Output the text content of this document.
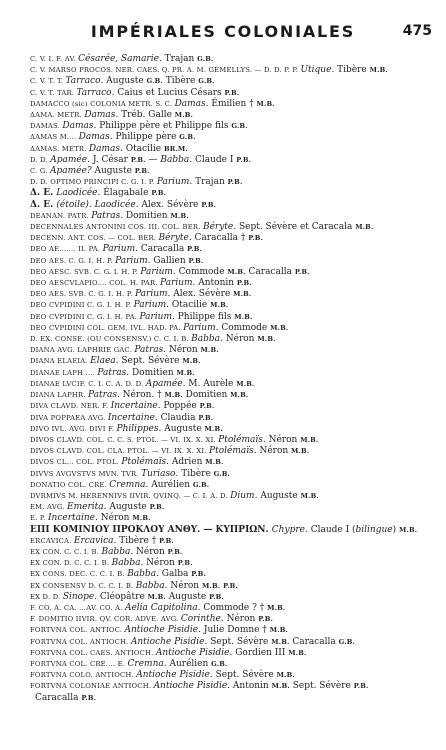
IMPÉRIALES COLONIALES	475
C. V. I. F. AV. Césarée, Samarie. Trajan G.B.
C. V. MARSO PROCOS. NER. CAES. Q. PR. A. M. GEMELLYS. — D. D. P. P. Utique. Tibère M.B.
C. V. T. T. Tarraco. Auguste G.B. Tibère G.B.
C. V. T. TAR. Tarraco. Caius et Lucius Césars P.B.
DAMACCO (sic) COLONIA METR. S. C. Damas. Émilien † M.B.
ΔAMA. METR. Damas. Tréb. Galle M.B.
DAMAS. Damas. Philippe père et Philippe fils G.B.
ΔAMAS M.... Damas. Philippe père G.B.
ΔAMAS. METR. Damas. Otacilie BR.M.
D. D. Apamée. J. César P.B. — Babba. Claude I P.B.
C. G. Apamée? Auguste P.B.
D. D. OPTIMO PRINCIPI C. G. I. P. Parium. Trajan P.B.
Δ. E. Laodicée. Élagabale P.B.
Δ. E. (étoile). Laodicée. Alex. Sévère P.B.
DEANAN. PATR. Patras. Domitien M.B.
DECENNALES ANTONINI COS. III. COL. BER. Béryte. Sept. Sévère et Caracala M.B.
DECENN. ANT. COS. — COL. BER. Béryte. Caracalla † P.B.
DEO AE....... II. PA. Parium. Caracalla P.B.
DEO AES. C. G. I. H. P. Parium. Gallien P.B.
DEO AESC. SVB. C. G. I. H. P. Parium. Commode M.B. Caracalla P.B.
DEO AESCVLAPIO.... COL. H. PAR. Parium. Antonin P.B.
DEO AES. SVB. C. G. I. H. P. Parium. Alex. Sévère M.B.
DEO CVPIDINI C. G. I. H. P. Parium. Otacilie M.B.
DEO CVPIDINI C. G. I. H. PA. Parium. Philippe fils M.B.
DEO CVPIDINI COL. GEM. IVL. HAD. PA. Parium. Commode M.B.
D. EX. CONSE. (OU CONSENSV.) C. C. I. B. Babba. Néron M.B.
DIANA AVG. LAPHRIE GAC. Patras. Néron M.B.
DIANA ELAEIA. Elaea. Sept. Sévère M.B.
DIANAE LAPH..... Patras. Domitien M.B.
DIANAE LVCIF. C. I. C. A. D. D. Apamée. M. Aurèle M.B.
DIANA LAPHR. Patras. Néron. † M.B. Domitien M.B.
DIVA CLAVD. NER. F. Incertaine. Poppée P.B.
DIVA POPPAEA AVG. Incertaine. Claudia P.B.
DIVO IVL. AVG. DIVI F. Philippes. Auguste M.B.
DIVOS CLAVD. COL. C. C. S. PTOL. — VI. IX. X. XI. Ptolémaïs. Néron M.B.
DIVOS CLAVD. COL. CLA. PTOL. — VI. IX. X. XI. Ptolémaïs. Néron M.B.
DIVOS CL... COL. PTOL. Ptolémaïs. Adrien M.B.
DIVVS AVGVSTVS MVN. TVR. Turiaso. Tibère G.B.
DONATIO COL. CRE. Cremna. Aurélien G.B.
DVRMIVS M. HERENNIVS IIVIR. QVINQ. — C. I. A. D. Dium. Auguste M.B.
EM. AVG. Emerita. Auguste P.B.
E. P. Incertaine. Néron M.B.
ΕΠΙ ΚΟΜΙΝΙΟΥ ΠΡΟΚΛΟΥ ΑΝΘΥ. — ΚΥΠΡΙΩΝ. Chypre. Claude I (bilingue) M.B.
ERCAVICA. Ercavica. Tibère † P.B.
EX CON. C. C. I. B. Babba. Néron P.B.
EX CON. D. C. C. I. B. Babba. Néron P.B.
EX CONS. DEC. C. C. I. B. Babba. Galba P.B.
EX CONSENSV D. C. C. I. B. Babba. Néron M.B. P.B.
EX D. D. Sinope. Cléopâtre M.B. Auguste P.B.
F. CO. A. CA. ...AV. CO. A. Aelia Capitolina. Commode ? † M.B.
F. DOMITIO IIVIR. QV. COR. ADVE. AVG. Corinthe. Néron P.B.
FORTVNA COL. ANTIOC. Antioche Pisidie. Julie Domne † M.B.
FORTVNA COL. ANTIOCH. Antioche Pisidie. Sept. Sévère M.B. Caracalla G.B.
FORTVNA COL. CAES. ANTIOCH. Antioche Pisidie. Gordien III M.B.
FORTVNA COL. CRE.... E. Cremna. Aurélien G.B.
FORTVNA COLO. ANTIOCH. Antioche Pisidie. Sept. Sévère M.B.
FORTVNA COLONIAE ANTIOCH. Antioche Pisidie. Antonin M.B. Sept. Sévère P.B.
Caracalla P.B.
